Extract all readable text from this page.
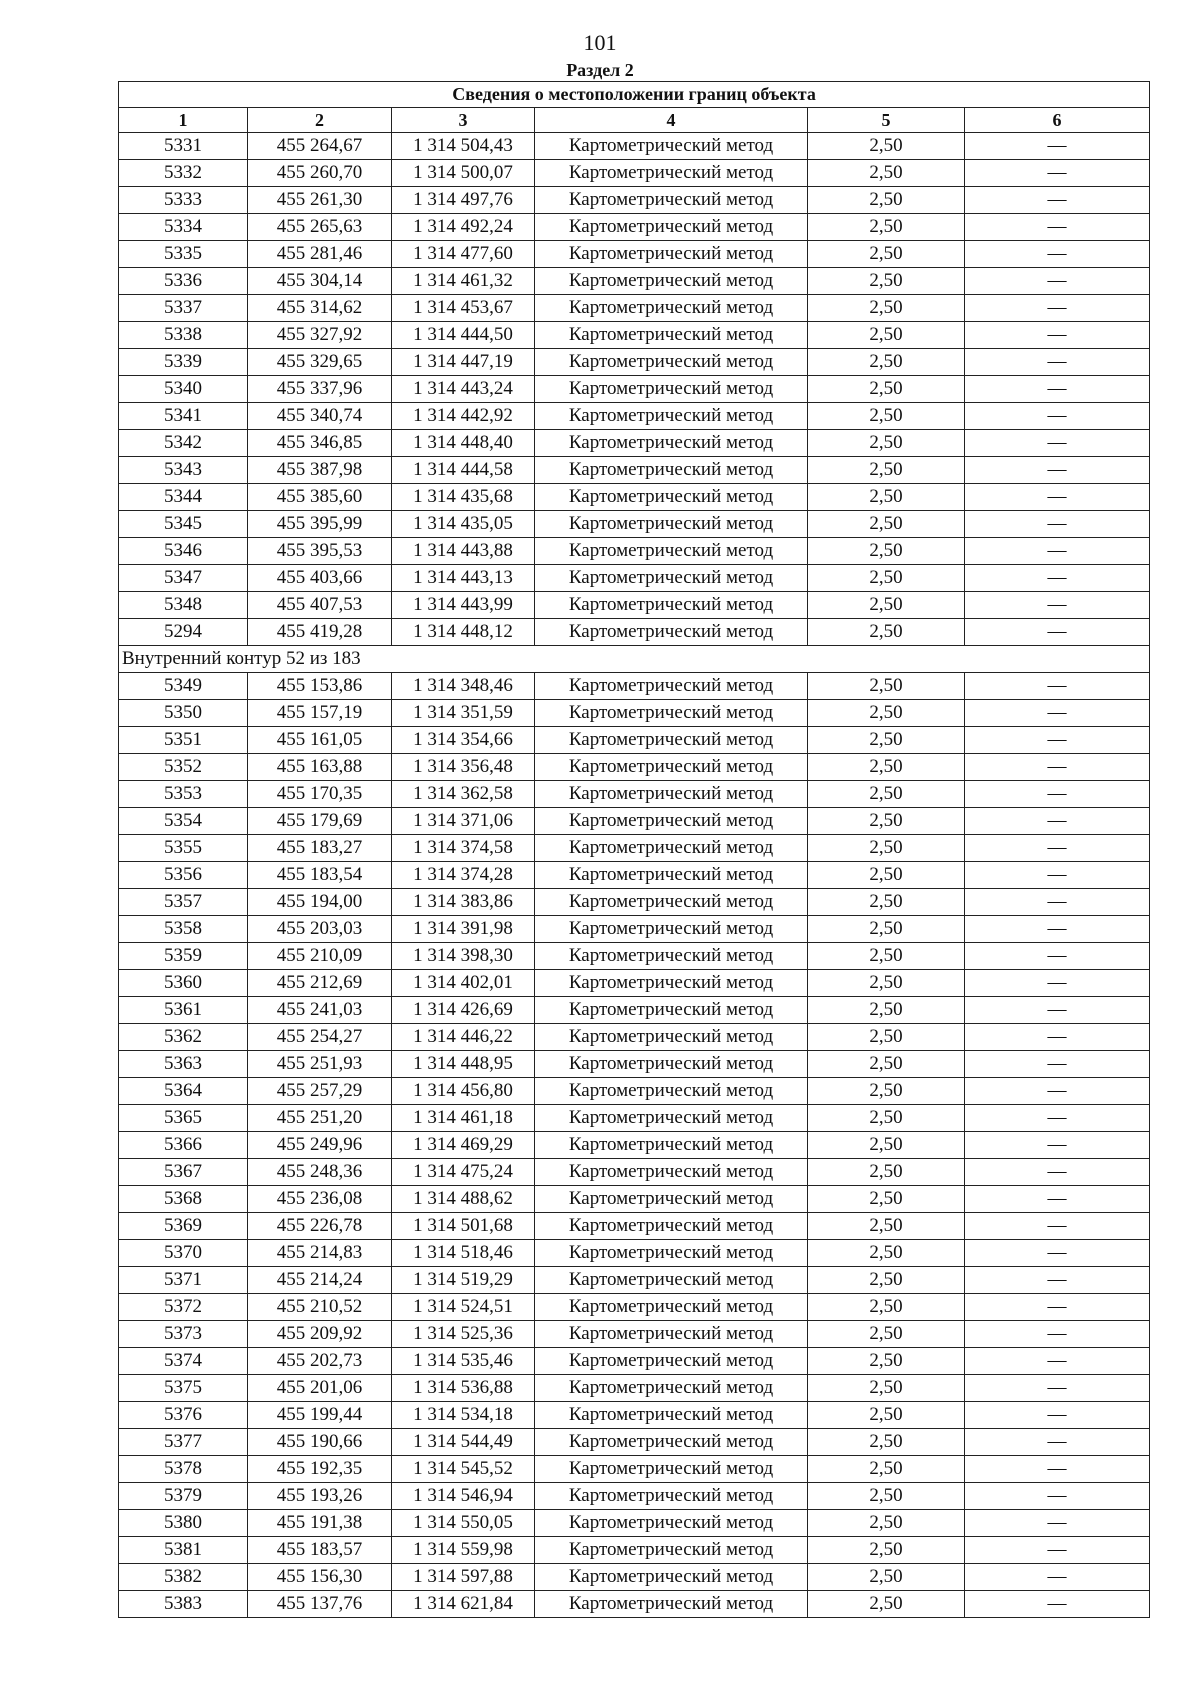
101
Раздел 2
Сведения о местоположении границ объекта					
1	2	3	4	5	6
5331	455 264,67	1 314 504,43	Картометрический метод	2,50	—
5332	455 260,70	1 314 500,07	Картометрический метод	2,50	—
5333	455 261,30	1 314 497,76	Картометрический метод	2,50	—
5334	455 265,63	1 314 492,24	Картометрический метод	2,50	—
5335	455 281,46	1 314 477,60	Картометрический метод	2,50	—
5336	455 304,14	1 314 461,32	Картометрический метод	2,50	—
5337	455 314,62	1 314 453,67	Картометрический метод	2,50	—
5338	455 327,92	1 314 444,50	Картометрический метод	2,50	—
5339	455 329,65	1 314 447,19	Картометрический метод	2,50	—
5340	455 337,96	1 314 443,24	Картометрический метод	2,50	—
5341	455 340,74	1 314 442,92	Картометрический метод	2,50	—
5342	455 346,85	1 314 448,40	Картометрический метод	2,50	—
5343	455 387,98	1 314 444,58	Картометрический метод	2,50	—
5344	455 385,60	1 314 435,68	Картометрический метод	2,50	—
5345	455 395,99	1 314 435,05	Картометрический метод	2,50	—
5346	455 395,53	1 314 443,88	Картометрический метод	2,50	—
5347	455 403,66	1 314 443,13	Картометрический метод	2,50	—
5348	455 407,53	1 314 443,99	Картометрический метод	2,50	—
5294	455 419,28	1 314 448,12	Картометрический метод	2,50	—
Внутренний контур 52 из 183					
5349	455 153,86	1 314 348,46	Картометрический метод	2,50	—
5350	455 157,19	1 314 351,59	Картометрический метод	2,50	—
5351	455 161,05	1 314 354,66	Картометрический метод	2,50	—
5352	455 163,88	1 314 356,48	Картометрический метод	2,50	—
5353	455 170,35	1 314 362,58	Картометрический метод	2,50	—
5354	455 179,69	1 314 371,06	Картометрический метод	2,50	—
5355	455 183,27	1 314 374,58	Картометрический метод	2,50	—
5356	455 183,54	1 314 374,28	Картометрический метод	2,50	—
5357	455 194,00	1 314 383,86	Картометрический метод	2,50	—
5358	455 203,03	1 314 391,98	Картометрический метод	2,50	—
5359	455 210,09	1 314 398,30	Картометрический метод	2,50	—
5360	455 212,69	1 314 402,01	Картометрический метод	2,50	—
5361	455 241,03	1 314 426,69	Картометрический метод	2,50	—
5362	455 254,27	1 314 446,22	Картометрический метод	2,50	—
5363	455 251,93	1 314 448,95	Картометрический метод	2,50	—
5364	455 257,29	1 314 456,80	Картометрический метод	2,50	—
5365	455 251,20	1 314 461,18	Картометрический метод	2,50	—
5366	455 249,96	1 314 469,29	Картометрический метод	2,50	—
5367	455 248,36	1 314 475,24	Картометрический метод	2,50	—
5368	455 236,08	1 314 488,62	Картометрический метод	2,50	—
5369	455 226,78	1 314 501,68	Картометрический метод	2,50	—
5370	455 214,83	1 314 518,46	Картометрический метод	2,50	—
5371	455 214,24	1 314 519,29	Картометрический метод	2,50	—
5372	455 210,52	1 314 524,51	Картометрический метод	2,50	—
5373	455 209,92	1 314 525,36	Картометрический метод	2,50	—
5374	455 202,73	1 314 535,46	Картометрический метод	2,50	—
5375	455 201,06	1 314 536,88	Картометрический метод	2,50	—
5376	455 199,44	1 314 534,18	Картометрический метод	2,50	—
5377	455 190,66	1 314 544,49	Картометрический метод	2,50	—
5378	455 192,35	1 314 545,52	Картометрический метод	2,50	—
5379	455 193,26	1 314 546,94	Картометрический метод	2,50	—
5380	455 191,38	1 314 550,05	Картометрический метод	2,50	—
5381	455 183,57	1 314 559,98	Картометрический метод	2,50	—
5382	455 156,30	1 314 597,88	Картометрический метод	2,50	—
5383	455 137,76	1 314 621,84	Картометрический метод	2,50	—
